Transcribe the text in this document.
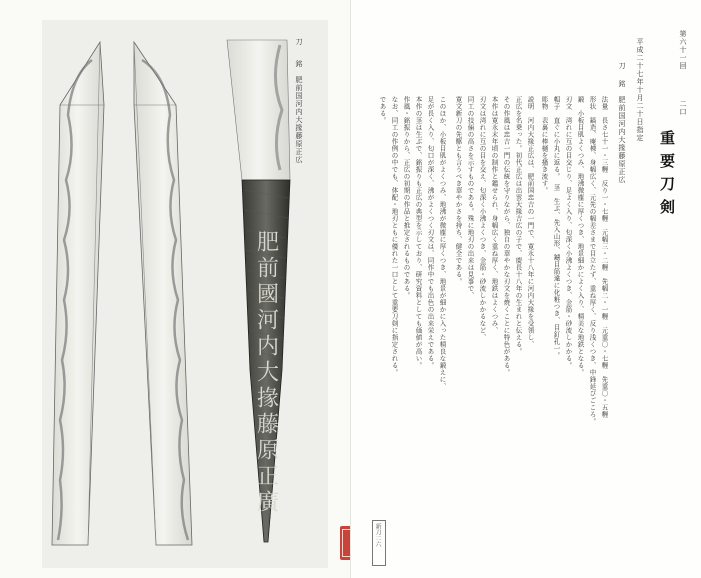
肥前國河内大掾藤原正廣
刀
銘　肥前国河内大掾藤原正広
第六十一回
二口
重要刀剣
平成二十七年十月二十日指定
刀
銘　肥前国河内大掾藤原正広
法量　長さ七十一・三糎　反り一・七糎　元幅三・二糎　先幅二・一糎　元重〇・七糎　先重〇・五糎
形状　鎬造、庵棟、身幅広く、元先の幅差さまで目立たず、重ね厚く、反り浅くつき、中鋒延びごころ。
鍛　小板目肌よくつみ、地沸微塵に厚くつき、地景細かによく入り、精美な地鉄となる。
刃文　湾れに互の目交じり、足よく入り、匂深く小沸よくつき、金筋・砂流しかかる。
帽子　直ぐに小丸に返る。　茎　生ぶ、先入山形、鑢目筋違に化粧つき、目釘孔一。
彫物　表裏に棒樋を搔き流す。
説明　河内大掾正広は、肥前国忠吉の一門で、寛永十八年に河内大掾を受領し、
正広を名乗った。初代正広は出雲大掾吉広の子で、慶長十八年の生まれと伝える。
その作風は忠吉一門の伝統を守りながら、独自の華やかな刃文を焼くことに特色がある。
本作は寛永末年頃の制作と鑑せられ、身幅広く重ね厚く、地鉄はよくつみ、
刃文は湾れに互の目を交え、匂深く小沸よくつき、金筋・砂流しかかるなど、
同工の技倆の高さを示すものである。殊に地刃の出来は見事で、
寛文新刀の先駆とも言うべき華やかさを持ち、健全である。
このほか、小板目肌がよくつみ、地沸が微塵に厚くつき、地景が細かに入った精良な鍛えに、
足が長く入り、匂口が深く、沸がよくつく刃文は、同作中でも出色の出来栄えである。
本作の茎は生ぶで、銘振りも正広の典型を示しており、研究資料としても価値が高い。
作風・銘振りから、正広の初期の作品と推定されるものである。
なお、同工の作例の中でも、体配・地刃ともに優れた一口として重要刀剣に指定される。
である。
新刀二六
